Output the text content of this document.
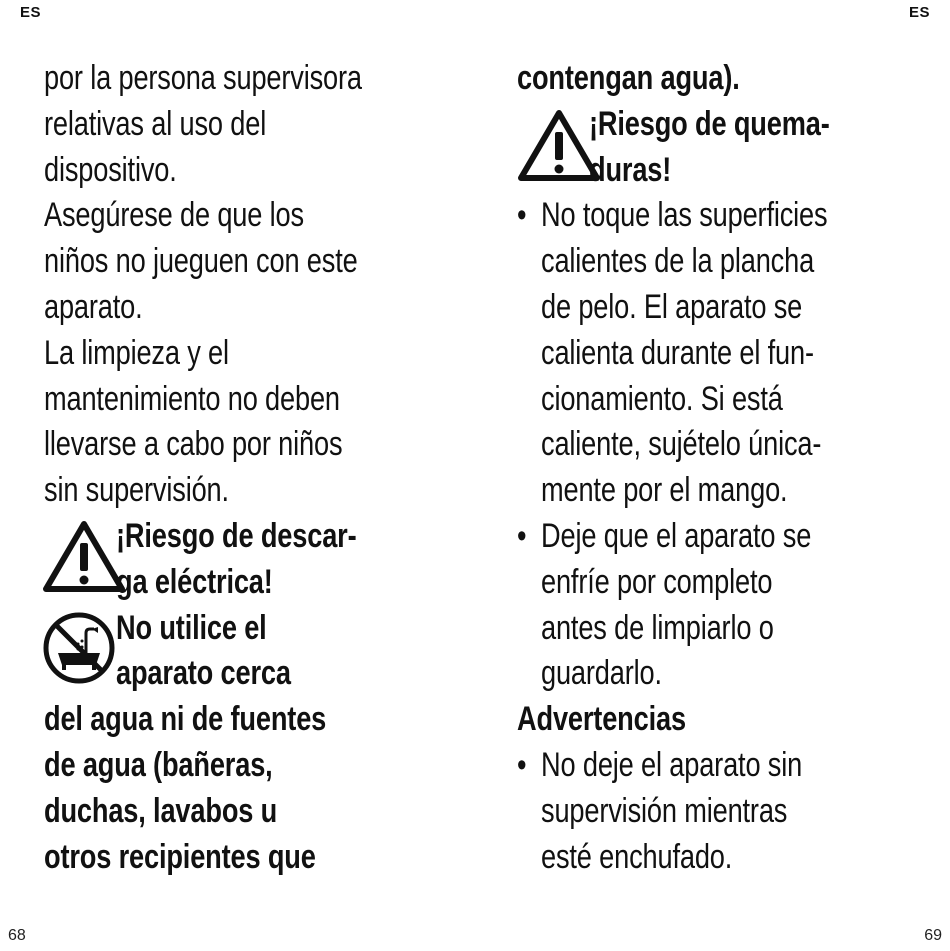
ES	ES
por la persona supervisora
relativas al uso del
dispositivo.
Asegúrese de que los
niños no jueguen con este
aparato.
La limpieza y el
mantenimiento no deben
llevarse a cabo por niños
sin supervisión.
¡Riesgo de descar-
ga eléctrica!
No utilice el
aparato cerca
del agua ni de fuentes
de agua (bañeras,
duchas, lavabos u
otros recipientes que
contengan agua).
¡Riesgo de quema-
duras!
• No toque las superficies
calientes de la plancha
de pelo. El aparato se
calienta durante el fun-
cionamiento. Si está
caliente, sujételo única-
mente por el mango.
• Deje que el aparato se
enfríe por completo
antes de limpiarlo o
guardarlo.
Advertencias
• No deje el aparato sin
supervisión mientras
esté enchufado.
68	69
